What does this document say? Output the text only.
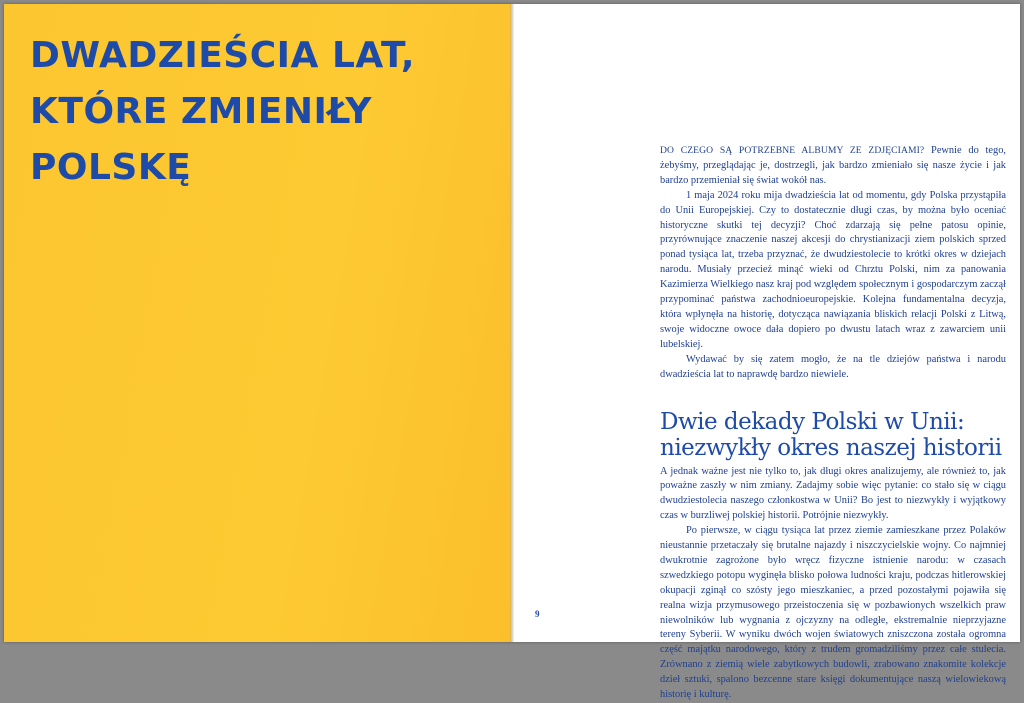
DWADZIEŚCIA LAT,
KTÓRE ZMIENIŁY
POLSKĘ
9

DO CZEGO SĄ POTRZEBNE ALBUMY ZE ZDJĘCIAMI? Pewnie do tego, żebyśmy, przeglądając je, dostrzegli, jak bardzo zmieniało się nasze życie i jak bardzo przemieniał się świat wokół nas.

1 maja 2024 roku mija dwadzieścia lat od momentu, gdy Polska przystąpiła do Unii Europejskiej. Czy to dostatecznie długi czas, by można było oceniać historyczne skutki tej decyzji? Choć zdarzają się pełne patosu opinie, przyrównujące znaczenie naszej akcesji do chrystianizacji ziem polskich sprzed ponad tysiąca lat, trzeba przyznać, że dwudziestolecie to krótki okres w dziejach narodu. Musiały przecież minąć wieki od Chrztu Polski, nim za panowania Kazimierza Wielkiego nasz kraj pod względem społecznym i gospodarczym zaczął przypominać państwa zachodnioeuropejskie. Kolejna fundamentalna decyzja, która wpłynęła na historię, dotycząca nawiązania bliskich relacji Polski z Litwą, swoje widoczne owoce dała dopiero po dwustu latach wraz z zawarciem unii lubelskiej.

Wydawać by się zatem mogło, że na tle dziejów państwa i narodu dwadzieścia lat to naprawdę bardzo niewiele.

Dwie dekady Polski w Unii:
niezwykły okres naszej historii

A jednak ważne jest nie tylko to, jak długi okres analizujemy, ale również to, jak poważne zaszły w nim zmiany. Zadajmy sobie więc pytanie: co stało się w ciągu dwudziestolecia naszego członkostwa w Unii? Bo jest to niezwykły i wyjątkowy czas w burzliwej polskiej historii. Potrójnie niezwykły.

Po pierwsze, w ciągu tysiąca lat przez ziemie zamieszkane przez Polaków nieustannie przetaczały się brutalne najazdy i niszczycielskie wojny. Co najmniej dwukrotnie zagrożone było wręcz fizyczne istnienie narodu: w czasach szwedzkiego potopu wyginęła blisko połowa ludności kraju, podczas hitlerowskiej okupacji zginął co szósty jego mieszkaniec, a przed pozostałymi pojawiła się realna wizja przymusowego przeistoczenia się w pozbawionych wszelkich praw niewolników lub wygnania z ojczyzny na odległe, ekstremalnie nieprzyjazne tereny Syberii. W wyniku dwóch wojen światowych zniszczona została ogromna część majątku narodowego, który z trudem gromadziliśmy przez całe stulecia. Zrównano z ziemią wiele zabytkowych budowli, zrabowano znakomite kolekcje dzieł sztuki, spalono bezcenne stare księgi dokumentujące naszą wielowiekową historię i kulturę.
